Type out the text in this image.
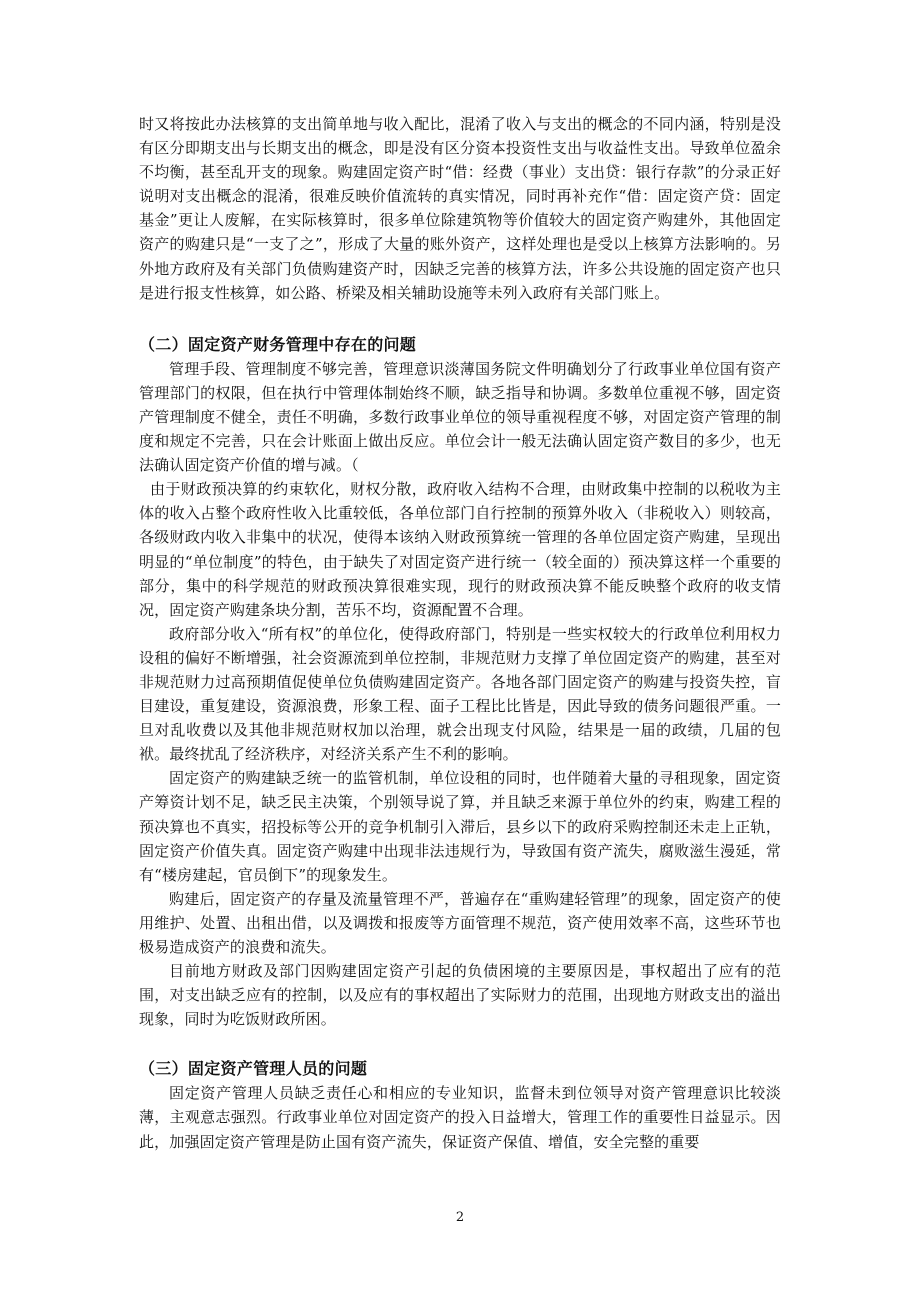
时又将按此办法核算的支出简单地与收入配比，混淆了收入与支出的概念的不同内涵，特别是没有区分即期支出与长期支出的概念，即是没有区分资本投资性支出与收益性支出。导致单位盈余不均衡，甚至乱开支的现象。购建固定资产时“借：经费（事业）支出贷：银行存款”的分录正好说明对支出概念的混淆，很难反映价值流转的真实情况，同时再补充作“借：固定资产贷：固定基金”更让人废解，在实际核算时，很多单位除建筑物等价值较大的固定资产购建外，其他固定资产的购建只是“一支了之”，形成了大量的账外资产，这样处理也是受以上核算方法影响的。另外地方政府及有关部门负债购建资产时，因缺乏完善的核算方法，许多公共设施的固定资产也只是进行报支性核算，如公路、桥梁及相关辅助设施等未列入政府有关部门账上。

（二）固定资产财务管理中存在的问题

管理手段、管理制度不够完善，管理意识淡薄国务院文件明确划分了行政事业单位国有资产管理部门的权限，但在执行中管理体制始终不顺，缺乏指导和协调。多数单位重视不够，固定资产管理制度不健全，责任不明确，多数行政事业单位的领导重视程度不够，对固定资产管理的制度和规定不完善，只在会计账面上做出反应。单位会计一般无法确认固定资产数目的多少，也无法确认固定资产价值的增与减。（

由于财政预决算的约束软化，财权分散，政府收入结构不合理，由财政集中控制的以税收为主体的收入占整个政府性收入比重较低，各单位部门自行控制的预算外收入（非税收入）则较高，各级财政内收入非集中的状况，使得本该纳入财政预算统一管理的各单位固定资产购建，呈现出明显的“单位制度”的特色，由于缺失了对固定资产进行统一（较全面的）预决算这样一个重要的部分，集中的科学规范的财政预决算很难实现，现行的财政预决算不能反映整个政府的收支情况，固定资产购建条块分割，苦乐不均，资源配置不合理。

政府部分收入“所有权”的单位化，使得政府部门，特别是一些实权较大的行政单位利用权力设租的偏好不断增强，社会资源流到单位控制，非规范财力支撑了单位固定资产的购建，甚至对非规范财力过高预期值促使单位负债购建固定资产。各地各部门固定资产的购建与投资失控，盲目建设，重复建设，资源浪费，形象工程、面子工程比比皆是，因此导致的债务问题很严重。一旦对乱收费以及其他非规范财权加以治理，就会出现支付风险，结果是一届的政绩，几届的包袱。最终扰乱了经济秩序，对经济关系产生不利的影响。

固定资产的购建缺乏统一的监管机制，单位设租的同时，也伴随着大量的寻租现象，固定资产筹资计划不足，缺乏民主决策，个别领导说了算，并且缺乏来源于单位外的约束，购建工程的预决算也不真实，招投标等公开的竞争机制引入滞后，县乡以下的政府采购控制还未走上正轨，固定资产价值失真。固定资产购建中出现非法违规行为，导致国有资产流失，腐败滋生漫延，常有“楼房建起，官员倒下”的现象发生。

购建后，固定资产的存量及流量管理不严，普遍存在“重购建轻管理”的现象，固定资产的使用维护、处置、出租出借，以及调拨和报废等方面管理不规范，资产使用效率不高，这些环节也极易造成资产的浪费和流失。

目前地方财政及部门因购建固定资产引起的负债困境的主要原因是，事权超出了应有的范围，对支出缺乏应有的控制，以及应有的事权超出了实际财力的范围，出现地方财政支出的溢出现象，同时为吃饭财政所困。

（三）固定资产管理人员的问题

固定资产管理人员缺乏责任心和相应的专业知识，监督未到位领导对资产管理意识比较淡薄，主观意志强烈。行政事业单位对固定资产的投入日益增大，管理工作的重要性日益显示。因此，加强固定资产管理是防止国有资产流失，保证资产保值、增值，安全完整的重要

2
